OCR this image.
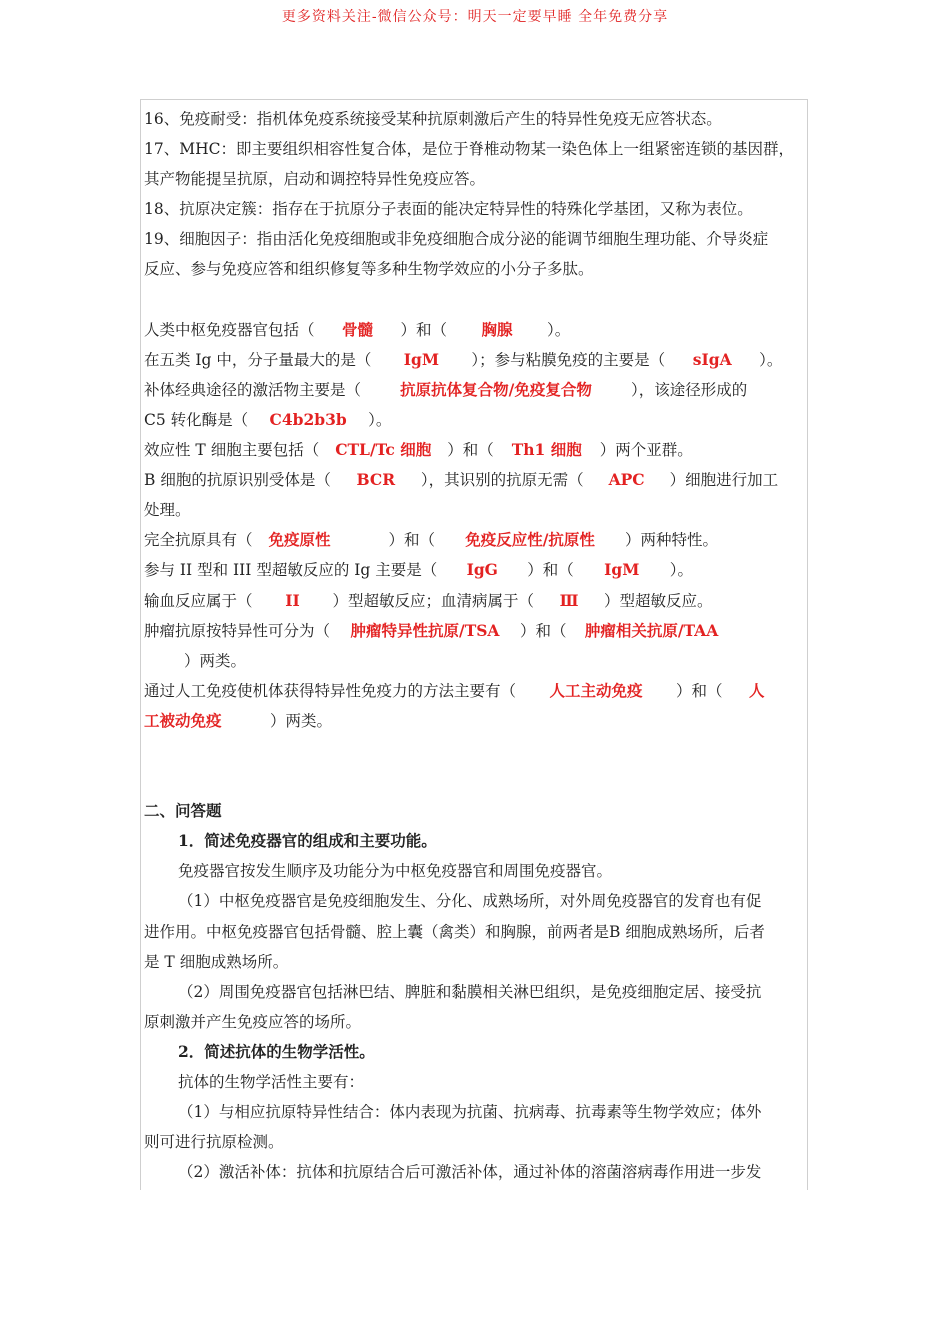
更多资料关注-微信公众号：明天一定要早睡 全年免费分享
16、免疫耐受：指机体免疫系统接受某种抗原刺激后产生的特异性免疫无应答状态。
17、MHC：即主要组织相容性复合体，是位于脊椎动物某一染色体上一组紧密连锁的基因群，
其产物能提呈抗原，启动和调控特异性免疫应答。
18、抗原决定簇：指存在于抗原分子表面的能决定特异性的特殊化学基团，又称为表位。
19、细胞因子：指由活化免疫细胞或非免疫细胞合成分泌的能调节细胞生理功能、介导炎症
反应、参与免疫应答和组织修复等多种生物学效应的小分子多肽。
人类中枢免疫器官包括（ 骨髓 ）和（ 胸腺 ）。
在五类 Ig 中，分子量最大的是（ IgM ）；参与粘膜免疫的主要是（ sIgA ）。
补体经典途径的激活物主要是（	抗原抗体复合物/免疫复合物	），该途径形成的
C5 转化酶是（ C4b2b3b ）。
效应性 T 细胞主要包括（ CTL/Tc 细胞 ）和（ Th1 细胞 ）两个亚群。
B 细胞的抗原识别受体是（ BCR ），其识别的抗原无需（ APC ）细胞进行加工
处理。
完全抗原具有（ 免疫原性	）和（ 免疫反应性/抗原性 ）两种特性。
参与 II 型和 III 型超敏反应的 Ig 主要是（ IgG ）和（ IgM ）。
输血反应属于（ II ）型超敏反应；血清病属于（ Ⅲ ）型超敏反应。
肿瘤抗原按特异性可分为（ 肿瘤特异性抗原/TSA ）和（ 肿瘤相关抗原/TAA
）两类。
通过人工免疫使机体获得特异性免疫力的方法主要有（ 人工主动免疫 ）和（ 人
工被动免疫	）两类。
二、问答题
1．简述免疫器官的组成和主要功能。
免疫器官按发生顺序及功能分为中枢免疫器官和周围免疫器官。
（1）中枢免疫器官是免疫细胞发生、分化、成熟场所，对外周免疫器官的发育也有促
进作用。中枢免疫器官包括骨髓、腔上囊（禽类）和胸腺，前两者是B 细胞成熟场所，后者
是 T 细胞成熟场所。
（2）周围免疫器官包括淋巴结、脾脏和黏膜相关淋巴组织，是免疫细胞定居、接受抗
原刺激并产生免疫应答的场所。
2．简述抗体的生物学活性。
抗体的生物学活性主要有：
（1）与相应抗原特异性结合：体内表现为抗菌、抗病毒、抗毒素等生物学效应；体外
则可进行抗原检测。
（2）激活补体：抗体和抗原结合后可激活补体，通过补体的溶菌溶病毒作用进一步发
